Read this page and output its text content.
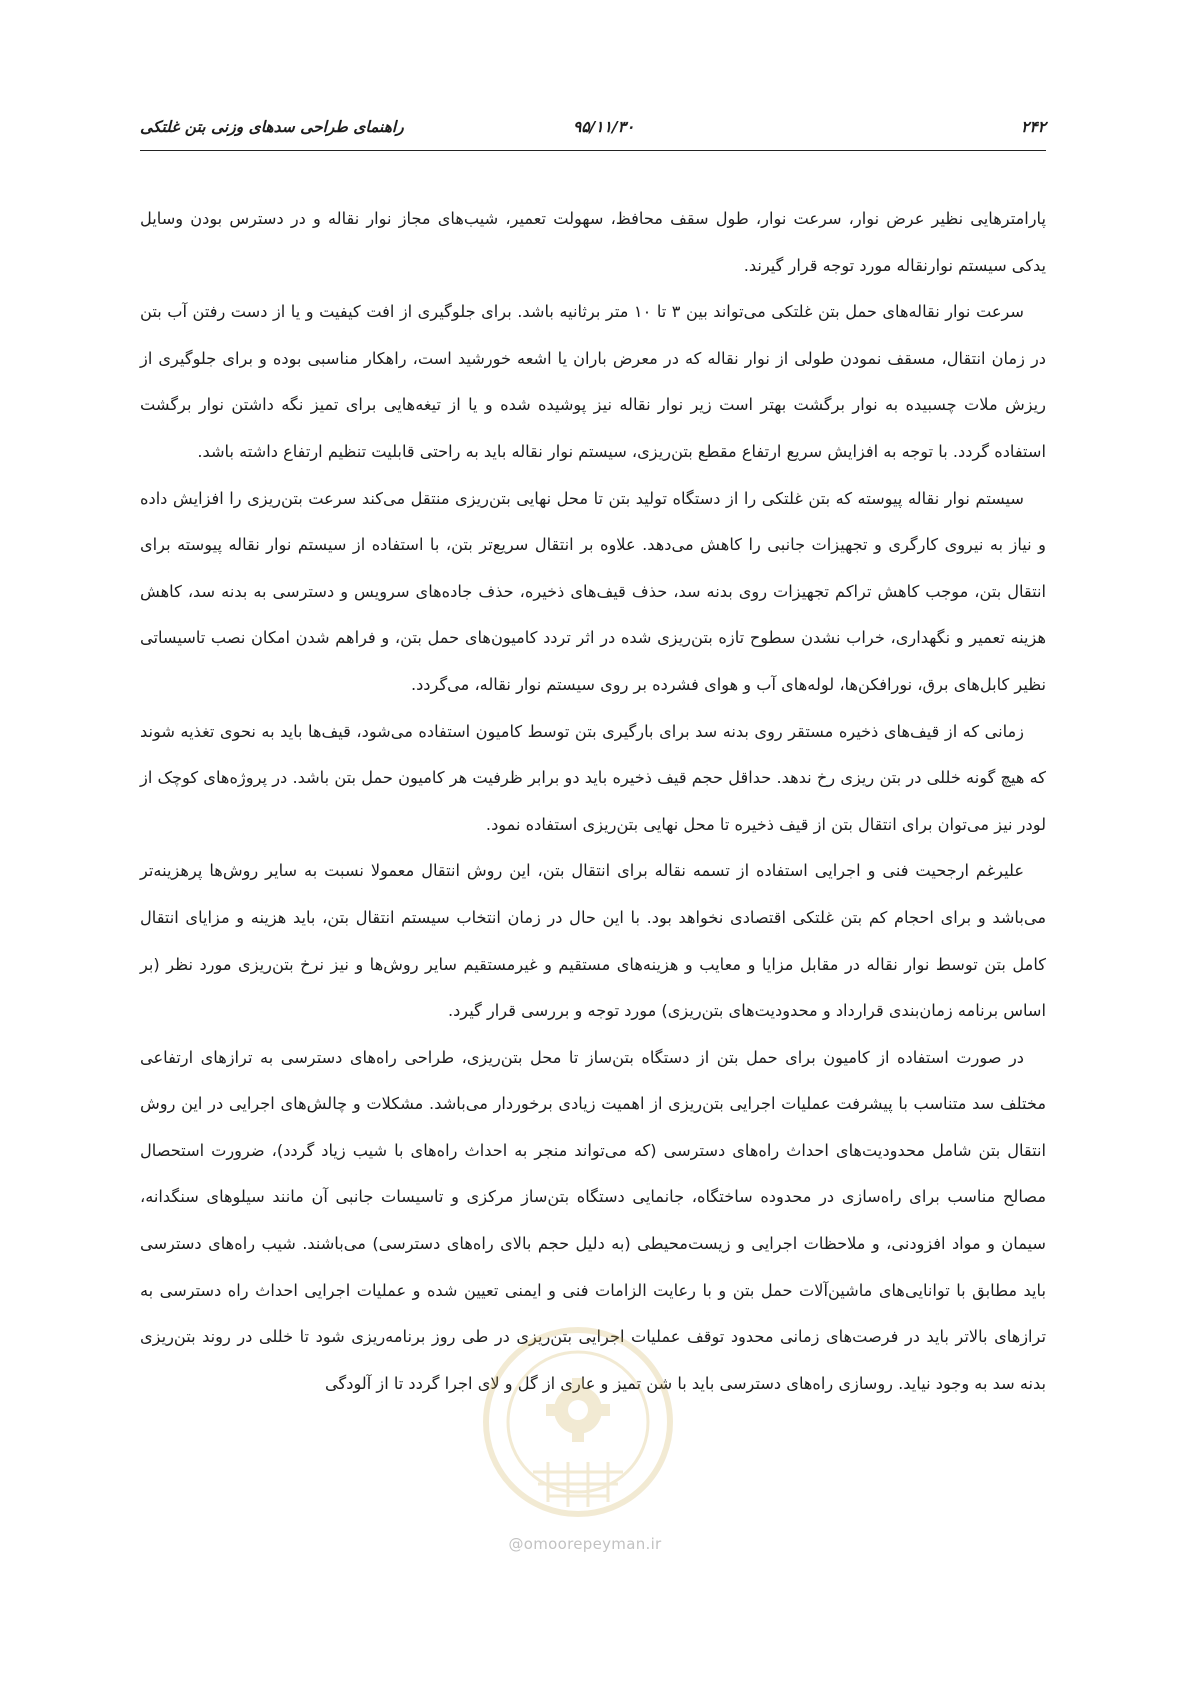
راهنمای طراحی سدهای وزنی بتن غلتکی	۹۵/۱۱/۳۰	۲۴۲

پارامترهایی نظیر عرض نوار، سرعت نوار، طول سقف محافظ، سهولت تعمیر، شیب‌های مجاز نوار نقاله و در دسترس بودن وسایل یدکی سیستم نوارنقاله مورد توجه قرار گیرند.

سرعت نوار نقاله‌های حمل بتن غلتکی می‌تواند بین ۳ تا ۱۰ متر برثانیه باشد. برای جلوگیری از افت کیفیت و یا از دست رفتن آب بتن در زمان انتقال، مسقف نمودن طولی از نوار نقاله که در معرض باران یا اشعه خورشید است، راهکار مناسبی بوده و برای جلوگیری از ریزش ملات چسبیده به نوار برگشت بهتر است زیر نوار نقاله نیز پوشیده شده و یا از تیغه‌هایی برای تمیز نگه داشتن نوار برگشت استفاده گردد. با توجه به افزایش سریع ارتفاع مقطع بتن‌ریزی، سیستم نوار نقاله باید به راحتی قابلیت تنظیم ارتفاع داشته باشد.

سیستم نوار نقاله پیوسته که بتن غلتکی را از دستگاه تولید بتن تا محل نهایی بتن‌ریزی منتقل می‌کند سرعت بتن‌ریزی را افزایش داده و نیاز به نیروی کارگری و تجهیزات جانبی را کاهش می‌دهد. علاوه بر انتقال سریع‌تر بتن، با استفاده از سیستم نوار نقاله پیوسته برای انتقال بتن، موجب کاهش تراکم تجهیزات روی بدنه سد، حذف قیف‌های ذخیره، حذف جاده‌های سرویس و دسترسی به بدنه سد، کاهش هزینه تعمیر و نگهداری، خراب نشدن سطوح تازه بتن‌ریزی شده در اثر تردد کامیون‌های حمل بتن، و فراهم شدن امکان نصب تاسیساتی نظیر کابل‌های برق، نورافکن‌ها، لوله‌های آب و هوای فشرده بر روی سیستم نوار نقاله، می‌گردد.

زمانی که از قیف‌های ذخیره مستقر روی بدنه سد برای بارگیری بتن توسط کامیون استفاده می‌شود، قیف‌ها باید به نحوی تغذیه شوند که هیچ گونه خللی در بتن ریزی رخ ندهد. حداقل حجم قیف ذخیره باید دو برابر ظرفیت هر کامیون حمل بتن باشد. در پروژه‌های کوچک از لودر نیز می‌توان برای انتقال بتن از قیف ذخیره تا محل نهایی بتن‌ریزی استفاده نمود.

علیرغم ارجحیت فنی و اجرایی استفاده از تسمه نقاله برای انتقال بتن، این روش انتقال معمولا نسبت به سایر روش‌ها پرهزینه‌تر می‌باشد و برای احجام کم بتن غلتکی اقتصادی نخواهد بود. با این حال در زمان انتخاب سیستم انتقال بتن، باید هزینه و مزایای انتقال کامل بتن توسط نوار نقاله در مقابل مزایا و معایب و هزینه‌های مستقیم و غیرمستقیم سایر روش‌ها و نیز نرخ بتن‌ریزی مورد نظر (بر اساس برنامه زمان‌بندی قرارداد و محدودیت‌های بتن‌ریزی) مورد توجه و بررسی قرار گیرد.

در صورت استفاده از کامیون برای حمل بتن از دستگاه بتن‌ساز تا محل بتن‌ریزی، طراحی راه‌های دسترسی به ترازهای ارتفاعی مختلف سد متناسب با پیشرفت عملیات اجرایی بتن‌ریزی از اهمیت زیادی برخوردار می‌باشد. مشکلات و چالش‌های اجرایی در این روش انتقال بتن شامل محدودیت‌های احداث راه‌های دسترسی (که می‌تواند منجر به احداث راه‌های با شیب زیاد گردد)، ضرورت استحصال مصالح مناسب برای راه‌سازی در محدوده ساختگاه، جانمایی دستگاه بتن‌ساز مرکزی و تاسیسات جانبی آن مانند سیلوهای سنگدانه، سیمان و مواد افزودنی، و ملاحظات اجرایی و زیست‌محیطی (به دلیل حجم بالای راه‌های دسترسی) می‌باشند. شیب راه‌های دسترسی باید مطابق با توانایی‌های ماشین‌آلات حمل بتن و با رعایت الزامات فنی و ایمنی تعیین شده و عملیات اجرایی احداث راه دسترسی به ترازهای بالاتر باید در فرصت‌های زمانی محدود توقف عملیات اجرایی بتن‌ریزی در طی روز برنامه‌ریزی شود تا خللی در روند بتن‌ریزی بدنه سد به وجود نیاید. روسازی راه‌های دسترسی باید با شن تمیز و عاری از گل و لای اجرا گردد تا از آلودگی

@omoorepeyman.ir
